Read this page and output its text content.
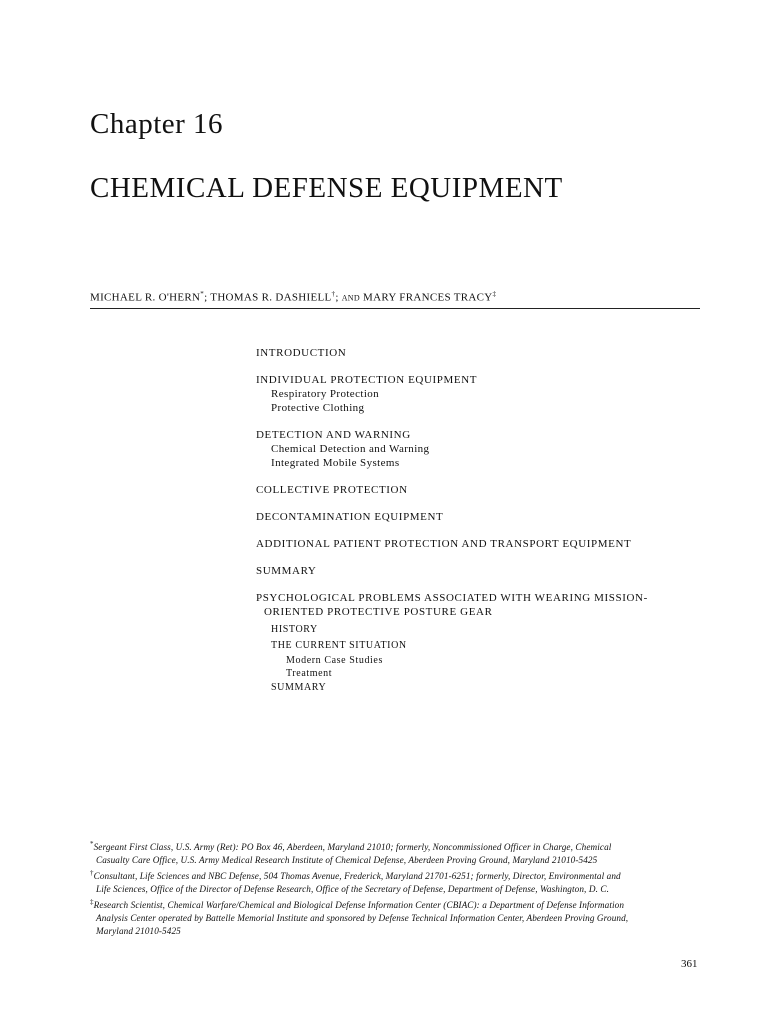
Chapter 16
CHEMICAL DEFENSE EQUIPMENT
MICHAEL R. O'HERN*; THOMAS R. DASHIELL†; AND MARY FRANCES TRACY‡
INTRODUCTION
INDIVIDUAL PROTECTION EQUIPMENT
Respiratory Protection
Protective Clothing
DETECTION AND WARNING
Chemical Detection and Warning
Integrated Mobile Systems
COLLECTIVE PROTECTION
DECONTAMINATION EQUIPMENT
ADDITIONAL PATIENT PROTECTION AND TRANSPORT EQUIPMENT
SUMMARY
PSYCHOLOGICAL PROBLEMS ASSOCIATED WITH WEARING MISSION-
ORIENTED PROTECTIVE POSTURE GEAR
HISTORY
THE CURRENT SITUATION
Modern Case Studies
Treatment
SUMMARY
*Sergeant First Class, U.S. Army (Ret): PO Box 46, Aberdeen, Maryland 21010; formerly, Noncommissioned Officer in Charge, Chemical
Casualty Care Office, U.S. Army Medical Research Institute of Chemical Defense, Aberdeen Proving Ground, Maryland 21010-5425
†Consultant, Life Sciences and NBC Defense, 504 Thomas Avenue, Frederick, Maryland 21701-6251; formerly, Director, Environmental and
Life Sciences, Office of the Director of Defense Research, Office of the Secretary of Defense, Department of Defense, Washington, D. C.
‡Research Scientist, Chemical Warfare/Chemical and Biological Defense Information Center (CBIAC): a Department of Defense Information
Analysis Center operated by Battelle Memorial Institute and sponsored by Defense Technical Information Center, Aberdeen Proving Ground,
Maryland 21010-5425
361
